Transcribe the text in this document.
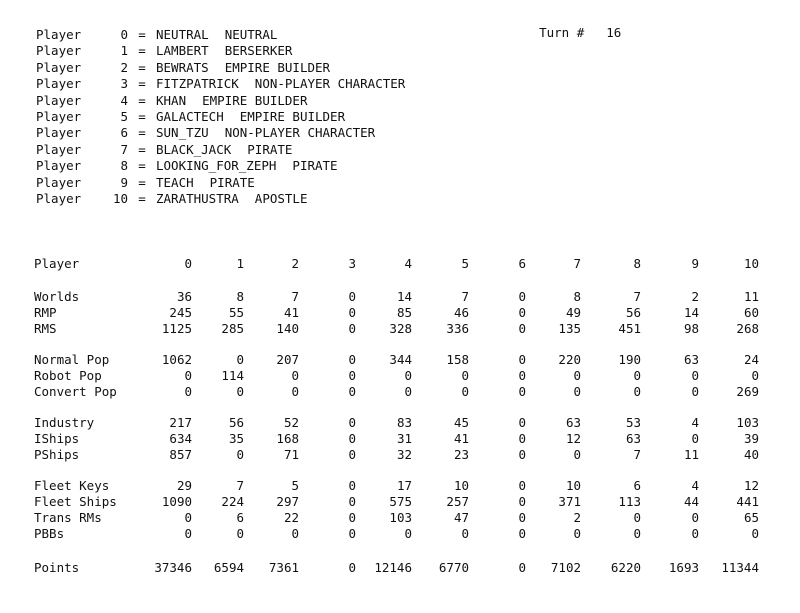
Turn # 16

Player	0 = NEUTRAL NEUTRAL
Player	1 = LAMBERT BERSERKER
Player	2 = BEWRATS EMPIRE BUILDER
Player	3 = FITZPATRICK NON-PLAYER CHARACTER
Player	4 = KHAN EMPIRE BUILDER
Player	5 = GALACTECH EMPIRE BUILDER
Player	6 = SUN_TZU NON-PLAYER CHARACTER
Player	7 = BLACK_JACK PIRATE
Player	8 = LOOKING_FOR_ZEPH PIRATE
Player	9 = TEACH PIRATE
Player	10 = ZARATHUSTRA APOSTLE
Player	0	1	2	3	4	5	6	7	8	9	10

Worlds	36	8	7	0	14	7	0	8	7	2	11
RMP	245	55	41	0	85	46	0	49	56	14	60
RMS	1125	285	140	0	328	336	0	135	451	98	268

Normal Pop	1062	0	207	0	344	158	0	220	190	63	24
Robot Pop	0	114	0	0	0	0	0	0	0	0	0
Convert Pop	0	0	0	0	0	0	0	0	0	0	269

Industry	217	56	52	0	83	45	0	63	53	4	103
IShips	634	35	168	0	31	41	0	12	63	0	39
PShips	857	0	71	0	32	23	0	0	7	11	40

Fleet Keys	29	7	5	0	17	10	0	10	6	4	12
Fleet Ships	1090	224	297	0	575	257	0	371	113	44	441
Trans RMs	0	6	22	0	103	47	0	2	0	0	65
PBBs	0	0	0	0	0	0	0	0	0	0	0

Points	37346	6594	7361	0	12146	6770	0	7102	6220	1693	11344
